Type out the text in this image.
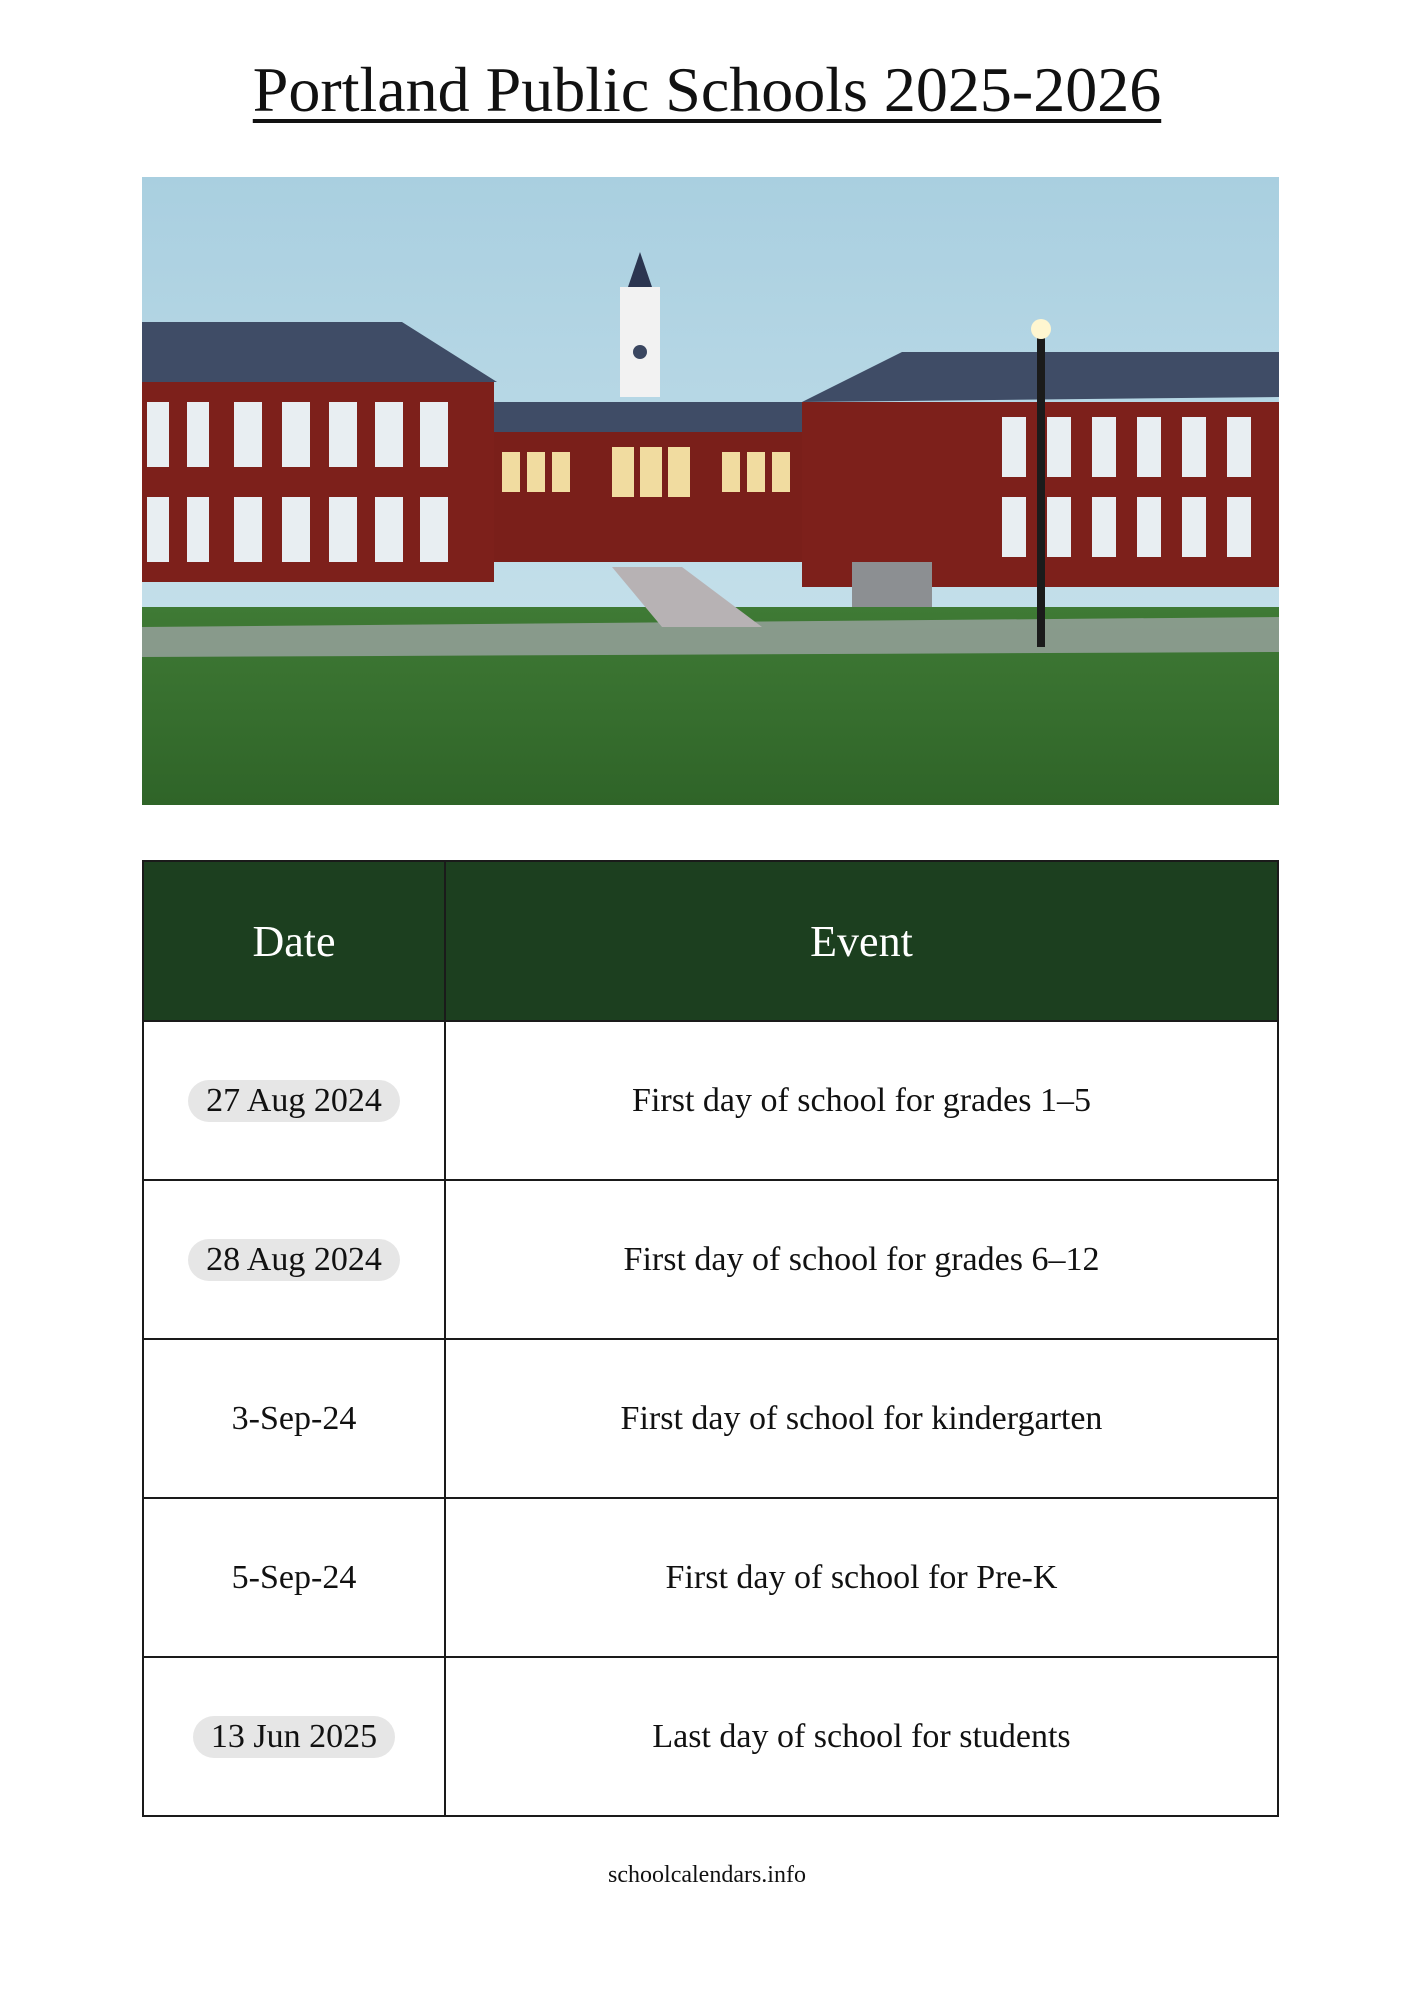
Portland Public Schools 2025-2026
Date	Event
27 Aug 2024	First day of school for grades 1–5
28 Aug 2024	First day of school for grades 6–12
3-Sep-24	First day of school for kindergarten
5-Sep-24	First day of school for Pre-K
13 Jun 2025	Last day of school for students
schoolcalendars.info
